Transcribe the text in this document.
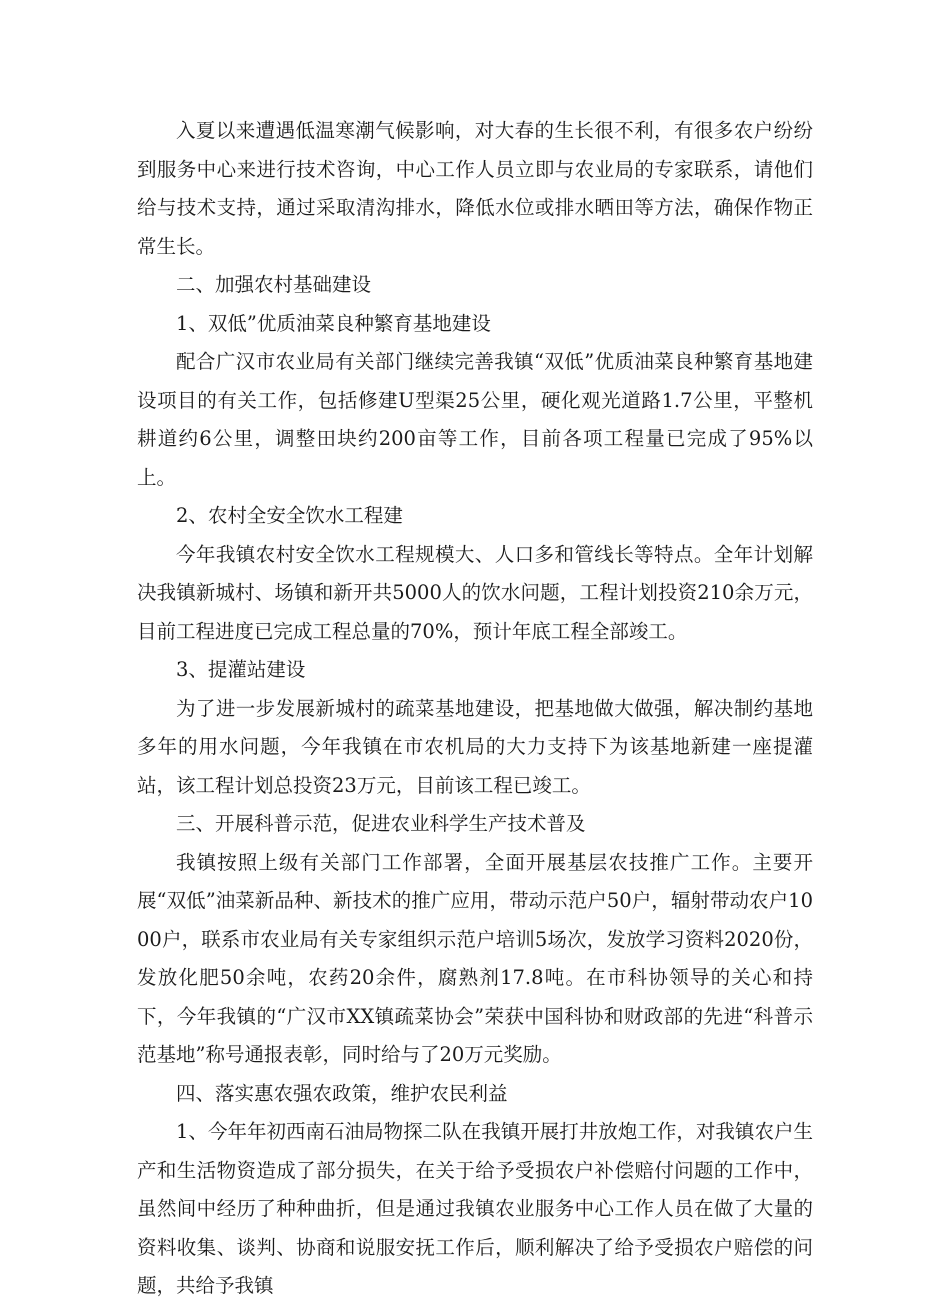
入夏以来遭遇低温寒潮气候影响，对大春的生长很不利，有很多农户纷纷到服务中心来进行技术咨询，中心工作人员立即与农业局的专家联系，请他们给与技术支持，通过采取清沟排水，降低水位或排水晒田等方法，确保作物正常生长。

二、加强农村基础建设

1、双低”优质油菜良种繁育基地建设

配合广汉市农业局有关部门继续完善我镇“双低”优质油菜良种繁育基地建设项目的有关工作，包括修建U型渠25公里，硬化观光道路1.7公里，平整机耕道约6公里，调整田块约200亩等工作，目前各项工程量已完成了95%以上。

2、农村全安全饮水工程建

今年我镇农村安全饮水工程规模大、人口多和管线长等特点。全年计划解决我镇新城村、场镇和新开共5000人的饮水问题，工程计划投资210余万元，目前工程进度已完成工程总量的70%，预计年底工程全部竣工。

3、提灌站建设

为了进一步发展新城村的疏菜基地建设，把基地做大做强，解决制约基地多年的用水问题，今年我镇在市农机局的大力支持下为该基地新建一座提灌站，该工程计划总投资23万元，目前该工程已竣工。

三、开展科普示范，促进农业科学生产技术普及

我镇按照上级有关部门工作部署，全面开展基层农技推广工作。主要开展“双低”油菜新品种、新技术的推广应用，带动示范户50户，辐射带动农户1000户，联系市农业局有关专家组织示范户培训5场次，发放学习资料2020份，发放化肥50余吨，农药20余件，腐熟剂17.8吨。在市科协领导的关心和持下，今年我镇的“广汉市XX镇疏菜协会”荣获中国科协和财政部的先进“科普示范基地”称号通报表彰，同时给与了20万元奖励。

四、落实惠农强农政策，维护农民利益

1、今年年初西南石油局物探二队在我镇开展打井放炮工作，对我镇农户生产和生活物资造成了部分损失，在关于给予受损农户补偿赔付问题的工作中，虽然间中经历了种种曲折，但是通过我镇农业服务中心工作人员在做了大量的资料收集、谈判、协商和说服安抚工作后，顺利解决了给予受损农户赔偿的问题，共给予我镇
